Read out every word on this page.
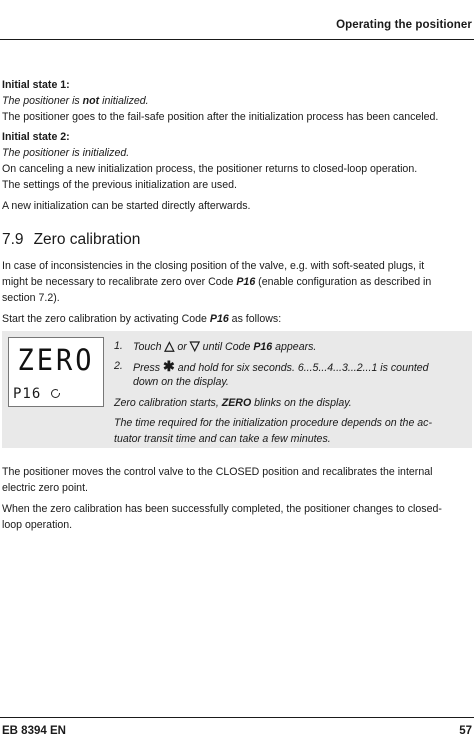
Operating the positioner

Initial state 1:

The positioner is not initialized.

The positioner goes to the fail-safe position after the initialization process has been canceled.

Initial state 2:

The positioner is initialized.

On canceling a new initialization process, the positioner returns to closed-loop operation.

The settings of the previous initialization are used.

A new initialization can be started directly afterwards.

7.9 Zero calibration

In case of inconsistencies in the closing position of the valve, e.g. with soft-seated plugs, it

might be necessary to recalibrate zero over Code P16 (enable configuration as described in

section 7.2).

Start the zero calibration by activating Code P16 as follows:

ZERO
P16
1. Touch △ or ▽ until Code P16 appears.
2. Press ✱ and hold for six seconds. 6...5...4...3...2...1 is counted
down on the display.

Zero calibration starts, ZERO blinks on the display.

The time required for the initialization procedure depends on the ac-

tuator transit time and can take a few minutes.

The positioner moves the control valve to the CLOSED position and recalibrates the internal

electric zero point.

When the zero calibration has been successfully completed, the positioner changes to closed-

loop operation.

EB 8394 EN	57
